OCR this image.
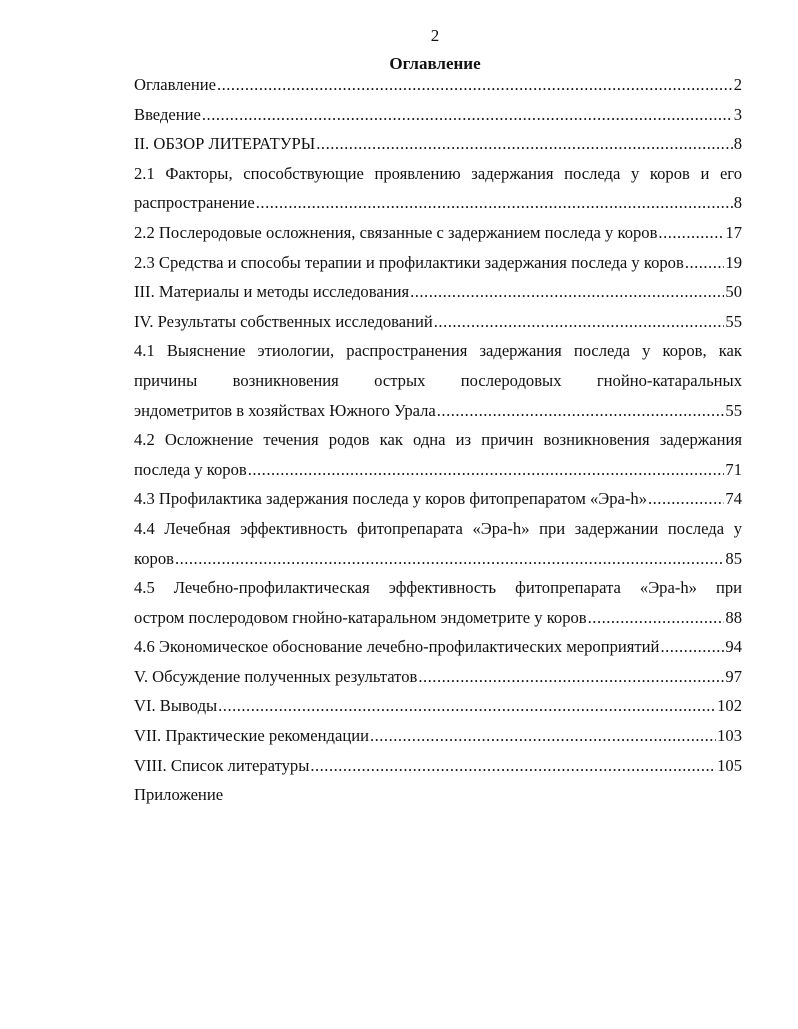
2
Оглавление
Оглавление .....	2
Введение .....	3
II. ОБЗОР ЛИТЕРАТУРЫ .....	8
2.1 Факторы, способствующие проявлению задержания последа у коров и его
распространение .....	8
2.2 Послеродовые осложнения, связанные с задержанием последа у коров .....	17
2.3 Средства и способы терапии и профилактики задержания последа у коров .....	19
III. Материалы и методы исследования .....	50
IV. Результаты собственных исследований .....	55
4.1 Выяснение этиологии, распространения задержания последа у коров, как
причины возникновения острых послеродовых гнойно-катаральных
эндометритов в хозяйствах Южного Урала .....	55
4.2 Осложнение течения родов как одна из причин возникновения задержания
последа у коров .....	71
4.3 Профилактика задержания последа у коров фитопрепаратом «Эра-h» .....	74
4.4 Лечебная эффективность фитопрепарата «Эра-h» при задержании последа у
коров .....	85
4.5 Лечебно-профилактическая эффективность фитопрепарата «Эра-h» при
остром послеродовом гнойно-катаральном эндометрите у коров .....	88
4.6 Экономическое обоснование лечебно-профилактических мероприятий .....	94
V. Обсуждение полученных результатов .....	97
VI. Выводы .....	102
VII. Практические рекомендации .....	103
VIII. Список литературы .....	105
Приложение
